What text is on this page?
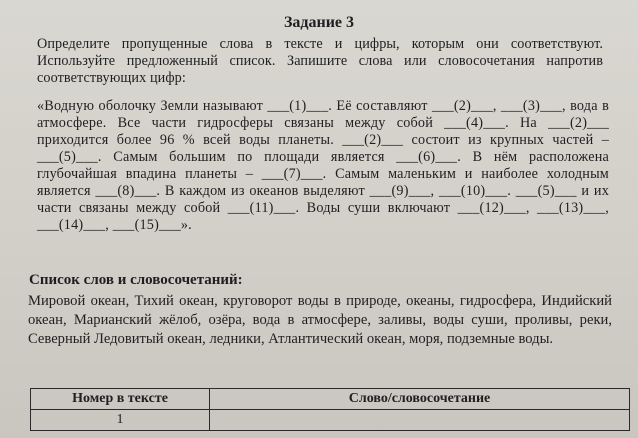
Задание 3
Определите пропущенные слова в тексте и цифры, которым они соответствуют. Используйте предложенный список. Запишите слова или словосочетания напротив соответствующих цифр:
«Водную оболочку Земли называют ___(1)___. Её составляют ___(2)___, ___(3)___, вода в атмосфере. Все части гидросферы связаны между собой ___(4)___. На ___(2)___ приходится более 96 % всей воды планеты. ___(2)___ состоит из крупных частей – ___(5)___. Самым большим по площади является ___(6)___. В нём расположена глубочайшая впадина планеты – ___(7)___. Самым маленьким и наиболее холодным является ___(8)___. В каждом из океанов выделяют ___(9)___, ___(10)___. ___(5)___ и их части связаны между собой ___(11)___. Воды суши включают ___(12)___, ___(13)___, ___(14)___, ___(15)___».
Список слов и словосочетаний:
Мировой океан, Тихий океан, круговорот воды в природе, океаны, гидросфера, Индийский океан, Марианский жёлоб, озёра, вода в атмосфере, заливы, воды суши, проливы, реки, Северный Ледовитый океан, ледники, Атлантический океан, моря, подземные воды.
Номер в тексте	Слово/словосочетание
1	
